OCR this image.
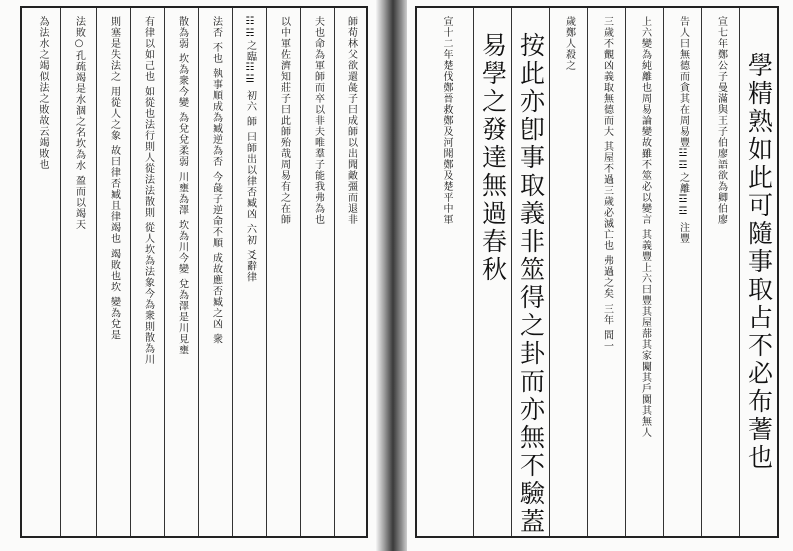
師荀林父欲還彘子曰成師以出聞敵彊而退非
夫也命為軍師而卒以非夫唯羣子能我弗為也
以中軍佐濟知莊子曰此師殆哉周易有之在師
☷☵之臨☷☱ 初六 師 曰師出以律否臧凶 六初 爻辭律
法否 不也 執事順成為臧逆為否 今彘子逆命不順 成故應否臧之凶 衆
散為弱 坎為衆今變 為兌兌柔弱 川壅為澤 坎為川今變 兌為澤是川見壅
有律以如己也 如從也法行則人從法法散則 從人坎為法象今為衆則散為川
則塞是失法之 用從人之象 故曰律否臧且律竭也 竭敗也坎 變為兌是
法敗○孔疏竭是水涸之名坎為水 盈而以竭天
為法水之竭似法之敗故云竭敗也	學精熟如此可隨事取占不必布蓍也
宣七年鄭公子曼滿與王子伯廖語欲為卿伯廖
告人曰無德而貪其在周易豐☳☲之離☲☲ 注豐
上六變為純離也周易論變故雖不筮必以變言 其義豐上六曰豐其屋蔀其家闚其戶闃其無人
三歲不覿凶義取無德而大 其屋不過三歲必滅亡也 弗過之矣 三年 間一
歲鄭人殺之
按此亦卽事取義非筮得之卦而亦無不驗蓋
易學之發達無過春秋
宣十二年楚伐鄭晉救鄭及河聞鄭及楚平中軍
